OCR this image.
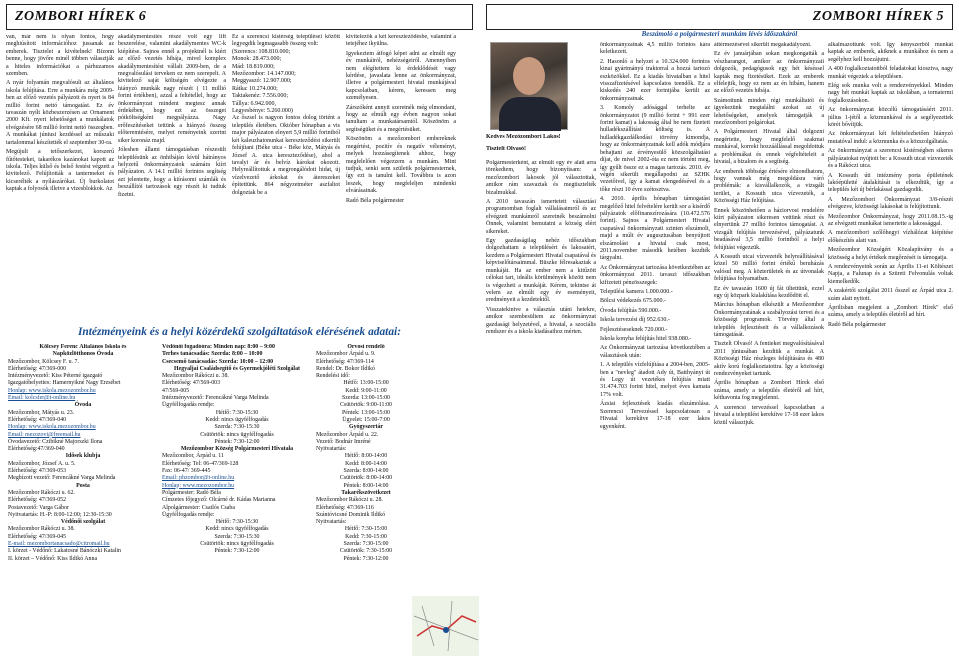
ZOMBORI HÍREK 6

van, már nem is olyan fontos, hogy meghiúsított információhoz jussanak az emberek. Tisztelet a kivételnek! Bizonn bennе, hogy jövőre minél többen választják a hiteles információkat a párhuzamos szemben.

A nyár folyamán megvalósult az általános iskola felújítása. Erre a munkára még 2009-ben az előző vezetés pályázott és nyert is 84 millió forint nettó támogatást. Ez év tavaszán nyílt közbeszerzésen az Ornament 2000 Kft. nyert lehetőséget a munkálatok elvégzésére 68 millió forint nettó összegben. A munkákat júniusi kezdéssel az műszaki tartalommal készítették el szeptember 30-ra.

Megújult a tetőszerkezet, korszerű fűtőtestеket, takarékos kazánokat kapott az iskola. Teljes külső és belső festést végzett a kivitelező. Felújították a tantermeket és kicserélték a nyílászárókat. Új burkolatot kaptak a folyosók illetve a vizesblokkok. Az

akadálymentesítés része volt egy lift beszerelése, valamint akadálymentes WC-k kiépítése. Sajnos ennél a projektnél is kiért az előző vezetés hibája, mivel komplex akadálymentesítést vállalt 2009-ben, de a megvalósulási terveken ez nem szerepelt. A kivitelező saját költségén elvégezte a hiányzó munkák nagy részét ( 11 millió forint értékben), azzal a feltétellel, hogy az önkormányzat mindent megtesz annak érdekében, hogy ezt az összeget pótköltségként megpályázza. Nagy erőfeszítéseket tettünk a hiányzó összeg előteremtésére, melyet reményeink szerint siker koronáz majd.

Jóleshen állami támogatásban részesült településünk az önhibáján kívül hátrányos helyzetű önkormányzatok számára kiírt pályázaton. A 14.1 millió forintos segítség azt jelentette, hogy a kiírásomi számlák és beszállítói tartozások egy részét ki tudtuk fizetni.

Ez a szerencsi kistérség települései között legyegdik legmagasabb összeg volt:
(Szerencs: 108.810.000;
Monok: 28.473.000;
Mád: 18.819.000;
Mezőzombor: 14.147.000;
Meggyaszó: 12.907.000;
Rátka: 10.274.000;
Taktakenéz: 7.556.000;
Tállya: 6.942.000,
Legyesbénye: 5.260.000)
Az őszsel is nagyon fontos dolog történt a település életében. Október hónapban a vis major pályázaton elnyert 5,9 millió forintból két kaleuzhatonunkat kereszteződést sikerült felújítani (Béke utca - Béke köz, Mátyás és József A. utca kereszteződése), ahol a tavalyi ár és belvíz károkat okozott. Helyreállítottuk a megrongálódott hidat, új vízelvezető árkokat és átereszeket építettünk. 864 négyzetméter aszfaltot dolgoztak be a

kivitelezők a két kereszteződésbe, valamint a tetejéhez ikyülna.

Igyekeztem átfogó képet adni az elmúlt egy év munkáiról, nehézségeiről. Amennyiben nem elégítettem ki érdeklődését vagy kérdése, javaslata lenne az önkormányzat, illetve a polgármesteri hivatal munkájával kapcsolatban, kérem, keressen meg személyesen.

Zárszóként annyit szeretnék még elmondani, hogy az elmúlt egy évben nagyon sokat tanultam a munkatársamtól. Köszönöm a segítségüket és a megértésüket.

Köszönöm a mezőzombori embereknek megértést, pozitív és negatív véleményt, melyek hozzásegítenek ahhoz, hogy megfelelően végezzem a munkám. Mint tudjuk, senki sem születik polgármesternek, így ezt is tanulni kell. Továbbra is azon leszek, hogy megfeleljen mindenki elvárásainak.

Radó Béla polgármester

Intézményeink és a helyi közérdekű szolgáltatások elérésének adatai:
Kölcsey Ferenc Általános Iskola és
Napközlötthonos Óvoda
Mezőzombor, Kölcsey F. u. 7.
Elérhetőség: 47/369-000
Intézményvezető: Kiss Péterné igazgató
Igazgatóhelyettes: Hamernyikné Nagy Erzsébet
Honlap: www.iskola.mezozombor.hu
Email: kolcsfer@t-online.hu
Óvoda
Mezőzombor, Mátyás u. 23.
Elérhetőség: 47/369-040
Honlap: www.iskola.mezozombor.hu
Email: mezozovi@freemail.hu
Óvodavezető: Czibikné Majorszki Ilona
Elérhetőség:47/369-040
Idősek klubja
Mezőzombor, József A. u. 5.
Elérhetőség: 47/369-053
Megbízott vezető: Ferencákné Varga Melinda
Posta
Mezőzombor Rákóczi u. 62.
Elérhetőség: 47/369-052
Postavezető: Varga Gábor
Nyitvatartás: H.-P: 8:00-12:00; 12:30-15:30
Védőnői szolgálat
Mezőzombor Rákóczi u. 38.
Elérhetőség: 47/369-045
E-mail: mezombortanacsado@citromail.hu
I. körzet - Védőnő: Lakatosné Bánóczki Katalin
II. körzet – Védőnő: Kiss Ildikó Anna
Védőnői fogadóóra: Minden nap: 8:00 – 9:00
Terhes tanácsadás: Szerda: 8:00 – 10:00
Csecsemő tanácsadás: Szerda: 10:00 – 12:00
Hegyaljai Családsegítő és Gyermekjóléti Szolgálat
Mezőzombor Rákóczi u. 38.
Elérhetőség: 47/569-003
47/569-005
Intézményvezető: Ferencákné Varga Melinda
Ügyfélfogadás rendje:
Hétfő: 7:30-15:30
Kedd: nincs ügyfélfogadás
Szerda: 7:30-15:30
Csütörtök: nincs ügyfélfogadás
Péntek: 7:30-12:00
Mezőzombor Község Polgármesteri Hivatala
Mezőzombor, Árpád u. 11
Elérhetőség: Tel: 06-47/369-128
Fax: 06-47/ 369-445
Email: phzombor@t-online.hu
Honlap: www.mezozombor.hu
Polgármester: Radó Béla
Címzetes főjegyző: Olcárné dr. Kádas Marianna
Alpolgármester: Csatlós Csaba
Ügyfélfogadás rendje:
Hétfő: 7:30-15:30
Kedd: nincs ügyfélfogadás
Szerda: 7:30-15:30
Csütörtök: nincs ügyfélfogadás
Péntek: 7:30-12:00
Orvosi rendelő
Mezőzombor Árpád u. 9.
Elérhetőség: 47/369-114
Rendel: Dr. Bokor Ildikó
Rendelési idő:
Hétfő: 13:00-15:00
Kedd: 9:00-11:00
Szerda: 13:00-15:00
Csütörtök: 9:00-11:00
Péntek: 13:00-15:00
Ügyelet: 15:00-7:00
Gyógyszertár
Mezőzombor Árpád u. 22.
Vezető: Bodnár Imréné
Nyitvatartás:
Hétfő: 8:00-14:00
Kedd: 8:00-14:00
Szerda: 8:00-14:00
Csütörtök: 8:00-14:00
Péntek: 8:00-14:00
Takarékszövetkezet
Mezőzombor Rákóczi u. 28.
Elérhetőség: 47/369-116
Szántóvicsné Dominik Ildikó
Nyitvatartás:
Hétfő: 7:30-15:00
Kedd: 7:30-15:00
Szerda: 7:30-15:00
Csütörtök: 7:30-15:00
Péntek: 7:30-12:00
ZOMBORI HÍREK 5
Beszámoló a polgármesteri munkám lévés időszakáról
Kedves Mezőzombori Lakos!
Tisztelt Olvasó!

Polgármesterként, az elmúlt egy év alatt arra törekedtem, hogy bizonyítsam: a mezőzombori lakosok jól választottak, amikor rám szavaztak és megtisztelték bizalmukkal.

A 2010 tavaszán ismertetett választási programomban foglalt vállalásaimról és az elvégzett munkámról szeretnék beszámolni Önnek, valamint bemutatni a község elért sikereket.

Egy gazdaságilag nehéz időszakban dolgozhattam a településért és lakosaiért, kezdem a Polgármesteri Hivatal csapatával és képviselőtársaimmal. Büszke félresakaztak a munkáját. Ha az ember nem a kitűzött célokat tart, ideális körülmények között nem is végezheti a munkáját. Kérem, tekintse át velem az elmúlt egy év eseményeit, eredményeit a kezdetektől.

Visszatekintve a választás utáni hetekre, amikor szembesültem az önkormányzat gazdasági helyzetével, a hivatal, a szociális rendszer és a iskola kiadásaihoz mérten.

önkormányzatnak 4,5 millió forintos kára keletkezett.

2. Hasonló a helyzet a 10.324.000 forintos kinai gyártmányú traktorral a hozzá tartozó eszközökkel. Ez a kiadás hivatalban a hitel visszafizetésével kapcsolatos teendők. Ez a kiskedés 240 ezer forintjába került az önkormányzatnak.

3. Komoly adósággal terhelte az önkormányzatot (9 millió forint + 991 ezer forint kamat) a lakosság által be nem fizetett hulladékszállítási költség is. A hulladékgazdálkodási törvény kimondja, hogy az önkormányzatnak kell adók módjára behajtani az érvényesülő közszolgáltatási díjat, de mivel 2002-óta ez nem történt meg, így gyűlt össze ez a magas tartozás. 2010. év végén sikerült megállapodni az SZHK vezetőivel, így a kamat elengedésével és a tőke részt 10 évre szétosztva.

4. 2010. április hónapban támogatást megelőző hitel felvételére került sor a kisérdő pályázatok előfinanszírozására (10.472.576 forint). Sajnos a Polgármesteri Hivatal csapatával önkormányzati szinten elszámolt, majd a múlt év augusztusában benyújtott elszámolást a hivatal csak most, 2011.november második hetében kezdték tárgyalni.

Az Önkormányzat tartozása következtében az önkormányzat 2011. tavaszi időszakban kifizetett pénzösszegek:

Települési kamera 1.000.000.-

Bölcsi védekezés 675.000.-

Óvoda felújítás 590.000.-

Iskola tervezési díj 952.630.-

Fejlesztéseseknek 720.000.-

Iskola konyha felújítás hitel 938.080.-

Az Önkormányzat tartozása következtében a választások után:

1. A település vízfelújítása a 2004-ben, 2005-ben a "nevleg" átadott Ady út, Batthyányi út és Legy út vezetékes felújítás miatt 31.474.703 forint hitel, melyet éves kamata 17% volt.

Ázsiai fejlesztések kiadás elszámolása. Szerencsi Tervezéssel kapcsolatosan a Hivatal kerekítve 17-18 ezer lakos egyenként.

áttérmezésével sikerült megakadályozni.

Ez év januárjában sokan megkongatták a vészharangot, amikor az önkormányzati dolgozók, pedagógusok egy hét késéssel kapták meg fizetésüket. Ezek az emberek elfelejtik, hogy ez nem az én hibám, hanem az előző vezetés hibája.

Számottunk minden régi munkáltatói és igyekezünk megtalálni azokat az új lehetőségeket, amelyek támogatják a mezőzombori polgárokat.

A Polgármesteri Hivatal által dolgozni megértette, hogy megfelelő szakmai munkával, korrekt hozzáállással megoldottuk a problémákat és ennek végfeltételeit a hivatal, a bizalom és a segítség.

Az emberek többsége értésére elmondhatom, hogy vannak még megoldásra váró problémák: a kisvállalkozók, a vizsgált terület, a Kossuth utca vízvezeték, a Közösségi Ház felújítása.

Ennek köszönhetően a háziorvosi rendelére kiírt pályázaton sikeresen vettünk részt és elnyertünk 27 millió forintos támogatást. A vizsgált felújítás tervezésével, pályázatunk beadásával 3,5 millió forintból a helyi felújítást végezzük.

A Kossuth utcai vízvezeték helyreállításával közel 50 millió forint értékű beruházás valósul meg. A közterületek és az útvonalak felújítása folyamatban.

Ez év tavaszán 1600 új fát ültettünk, ezzel egy új közpark kialakítása kezdődött el.

Március hónapban elkészült a Mezőzombor Önkormányzatának a szabályozási tervei és a közösségi programok. Törvény által a település fejlesztéseit és a vállalkozások támogatását.

Tisztelt Olvasó! A fentieket megvalósításával 2011 júniusában kezdtük a munkát. A Közösségi Ház részleges felújítására és 480 aktív korú foglalkoztatottra. Így a közösségi rendezvényeket tartunk.

Április hónapban a Zombori Hírek első száma, amely a település életéről ad hírt, kéthavonta fog megjelenni.

A szerencsi tervezéssel kapcsolatban a hivatal a települést kerekítve 17-18 ezer lakos közül választjuk.

alkalmazottunk volt. Így kényszerből munkát kaptak az emberek, akiknek a munkához és nem a segélyhez kell hozzájutni.

A 400 foglalkoztatottból feladatokat kiosztva, nagy munkát végeztek a településen.

Elég sok munka volt a rendezvényekkel. Minden nagy hét munkát kaptak az iskolában, a tornatermi foglalkozásokon.

Az önkormányzat közcélú támogatásáért 2011. július 1-jétől a közmunkával és a segélyezettek körét bővítjük.

Az önkormányzat két feltételezhetően hiányzó mutatóval indul: a közmunka és a közszolgáltatás.

Az önkormányzat a szerencsi kistérségben sikeres pályázatokat nyújtott be: a Kossuth utcai vízvezeték és a Rákóczi utca.

A Kossuth úti intézmény porta épületének lakóépületté átalakítását is elkezdtük, így a település két új bérlakással gazdagodik.

A Mezőzombori Önkormányzat 3/8-részét elvégezve, közösségi lakásokat is felújítottunk.

Mezőzombor Önkormányzat, hogy 2011.08.15.-ig az elvégzett munkákat ismertette a lakossággal.

A mezőzombori szőlőhegyi vízhálózat kiépítése előkészítés alatt van.

Mezőzombor Községért Közalapítvány és a közösség a helyi értékek megőrzését is támogatja.

A rendezvényeink során az Április 11-ei Költészet Napja, a Falunap és a Szüreti Felvonulás voltak kiemelkedők.

A szakértői szolgálat 2011 ősszel az Árpád utca 2. szám alatt nyitott.

Áprilisban megjelent a „Zombori Hírek" első száma, amely a település életéről ad hírt.

Radó Béla polgármester
